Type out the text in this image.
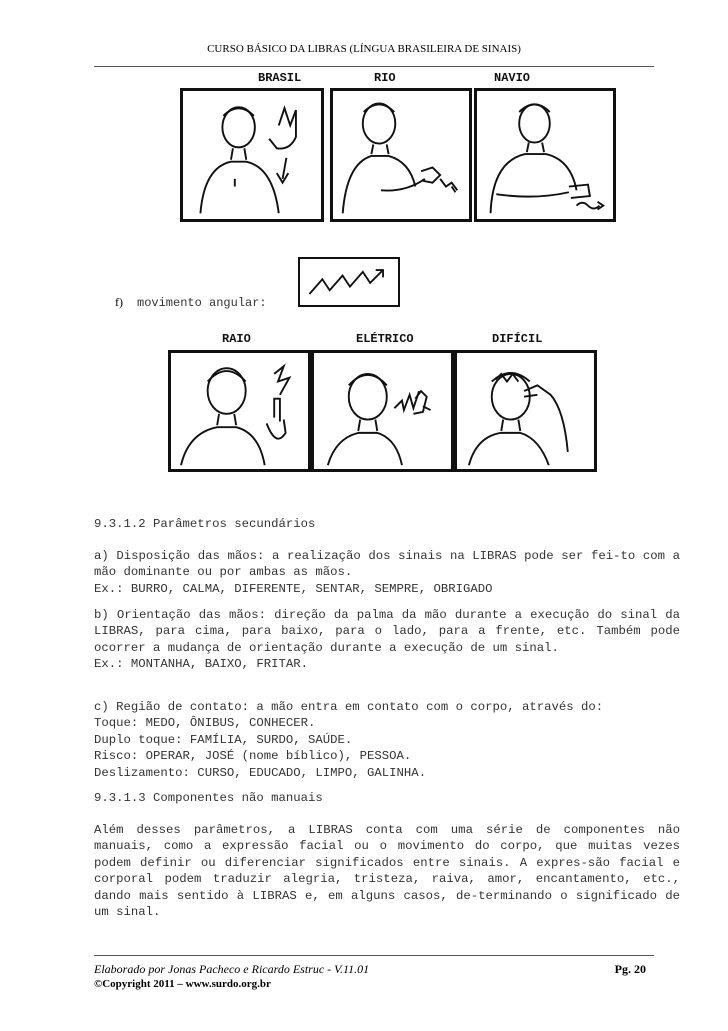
CURSO BÁSICO DA LIBRAS (LÍNGUA BRASILEIRA DE SINAIS)
BRASIL	RIO	NAVIO
f) movimento angular:
RAIO	ELÉTRICO	DIFÍCIL
9.3.1.2 Parâmetros secundários

a) Disposição das mãos: a realização dos sinais na LIBRAS pode ser fei-to com a mão dominante ou por ambas as mãos.

Ex.: BURRO, CALMA, DIFERENTE, SENTAR, SEMPRE, OBRIGADO

b) Orientação das mãos: direção da palma da mão durante a execução do sinal da LIBRAS, para cima, para baixo, para o lado, para a frente, etc. Também pode ocorrer a mudança de orientação durante a execução de um sinal.

Ex.: MONTANHA, BAIXO, FRITAR.

c) Região de contato: a mão entra em contato com o corpo, através do:

Toque: MEDO, ÔNIBUS, CONHECER.

Duplo toque: FAMÍLIA, SURDO, SAÚDE.

Risco: OPERAR, JOSÉ (nome bíblico), PESSOA.

Deslizamento: CURSO, EDUCADO, LIMPO, GALINHA.

9.3.1.3 Componentes não manuais

Além desses parâmetros, a LIBRAS conta com uma série de componentes não manuais, como a expressão facial ou o movimento do corpo, que muitas vezes podem definir ou diferenciar significados entre sinais. A expres-são facial e corporal podem traduzir alegria, tristeza, raiva, amor, encantamento, etc., dando mais sentido à LIBRAS e, em alguns casos, de-terminando o significado de um sinal.

Elaborado por Jonas Pacheco e Ricardo Estruc - V.11.01	Pg. 20
©Copyright 2011 – www.surdo.org.br
